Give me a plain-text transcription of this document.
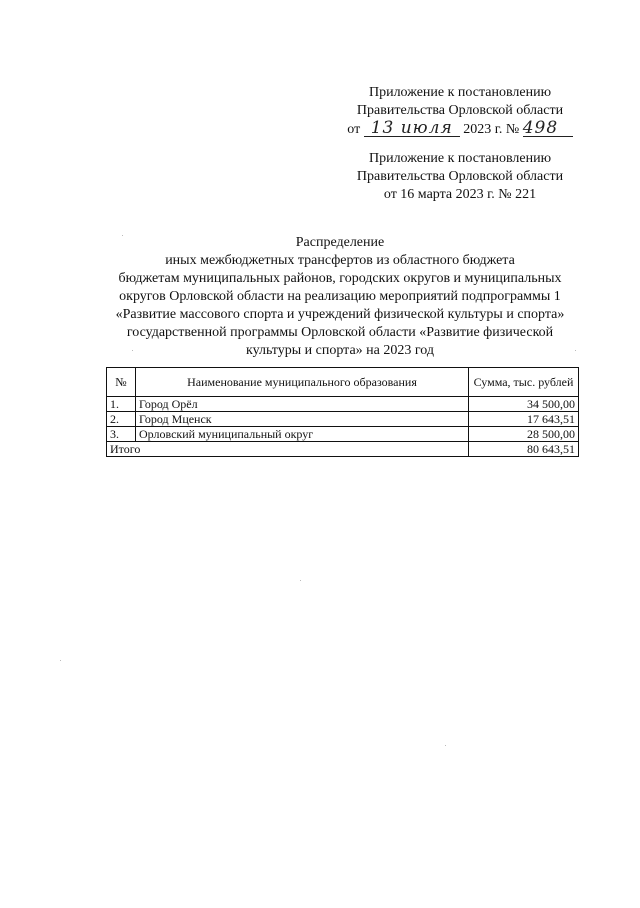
Приложение к постановлению
Правительства Орловской области
от 13 июля 2023 г. № 498
Приложение к постановлению
Правительства Орловской области
от 16 марта 2023 г. № 221
Распределение
иных межбюджетных трансфертов из областного бюджета
бюджетам муниципальных районов, городских округов и муниципальных
округов Орловской области на реализацию мероприятий подпрограммы 1
«Развитие массового спорта и учреждений физической культуры и спорта»
государственной программы Орловской области «Развитие физической
культуры и спорта» на 2023 год
№	Наименование муниципального образования	Сумма, тыс. рублей
1.	Город Орёл	34 500,00
2.	Город Мценск	17 643,51
3.	Орловский муниципальный округ	28 500,00
Итого		80 643,51
